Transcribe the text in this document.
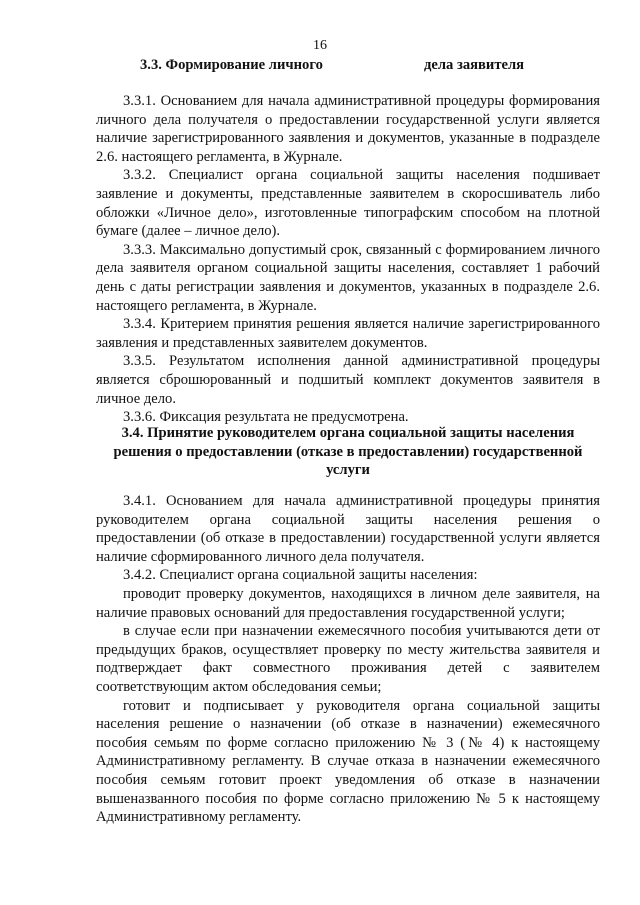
16
3.3. Формирование личного	дела заявителя

3.3.1. Основанием для начала административной процедуры формирования личного дела получателя о предоставлении государственной услуги является наличие зарегистрированного заявления и документов, указанные в подразделе 2.6. настоящего регламента, в Журнале.

3.3.2. Специалист органа социальной защиты населения подшивает заявление и документы, представленные заявителем в скоросшиватель либо обложки «Личное дело», изготовленные типографским способом на плотной бумаге (далее – личное дело).

3.3.3. Максимально допустимый срок, связанный с формированием личного дела заявителя органом социальной защиты населения, составляет 1 рабочий день с даты регистрации заявления и документов, указанных в подразделе 2.6. настоящего регламента, в Журнале.

3.3.4. Критерием принятия решения является наличие зарегистрированного заявления и представленных заявителем документов.

3.3.5. Результатом исполнения данной административной процедуры является сброшюрованный и подшитый комплект документов заявителя в личное дело.

3.3.6. Фиксация результата не предусмотрена.

3.4. Принятие руководителем органа социальной защиты населения

решения о предоставлении (отказе в предоставлении) государственной

услуги

3.4.1. Основанием для начала административной процедуры принятия руководителем органа социальной защиты населения решения о предоставлении (об отказе в предоставлении) государственной услуги является наличие сформированного личного дела получателя.

3.4.2. Специалист органа социальной защиты населения:

проводит проверку документов, находящихся в личном деле заявителя, на наличие правовых оснований для предоставления государственной услуги;

в случае если при назначении ежемесячного пособия учитываются дети от предыдущих браков, осуществляет проверку по месту жительства заявителя и подтверждает факт совместного проживания детей с заявителем соответствующим актом обследования семьи;

готовит и подписывает у руководителя органа социальной защиты населения решение о назначении (об отказе в назначении) ежемесячного пособия семьям по форме согласно приложению № 3 (№ 4) к настоящему Административному регламенту. В случае отказа в назначении ежемесячного пособия семьям готовит проект уведомления об отказе в назначении вышеназванного пособия по форме согласно приложению № 5 к настоящему Административному регламенту.
